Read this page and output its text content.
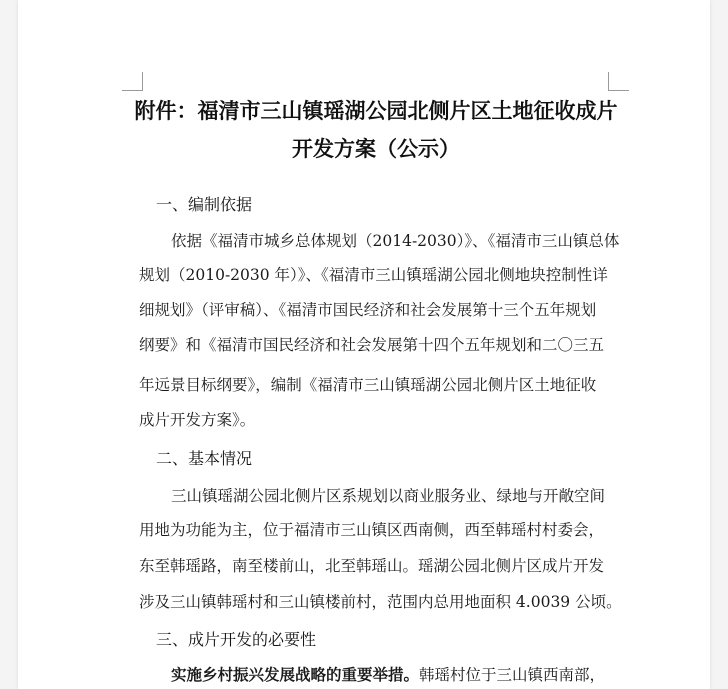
附件：福清市三山镇瑶湖公园北侧片区土地征收成片
开发方案（公示）
一、编制依据
依据《福清市城乡总体规划（2014-2030）》、《福清市三山镇总体
规划（2010-2030 年）》、《福清市三山镇瑶湖公园北侧地块控制性详
细规划》（评审稿）、《福清市国民经济和社会发展第十三个五年规划
纲要》和《福清市国民经济和社会发展第十四个五年规划和二〇三五
年远景目标纲要》，编制《福清市三山镇瑶湖公园北侧片区土地征收
成片开发方案》。
二、基本情况
三山镇瑶湖公园北侧片区系规划以商业服务业、绿地与开敞空间
用地为功能为主，位于福清市三山镇区西南侧，西至韩瑶村村委会，
东至韩瑶路，南至楼前山，北至韩瑶山。瑶湖公园北侧片区成片开发
涉及三山镇韩瑶村和三山镇楼前村，范围内总用地面积 4.0039 公顷。
三、成片开发的必要性
实施乡村振兴发展战略的重要举措。韩瑶村位于三山镇西南部，
